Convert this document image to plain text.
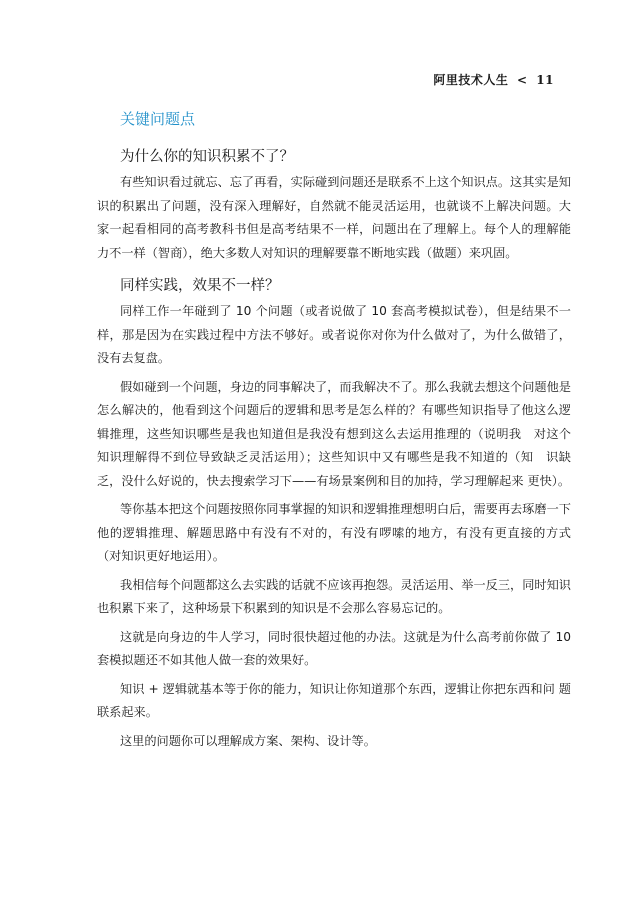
阿里技术人生 < 11
关键问题点
为什么你的知识积累不了？

有些知识看过就忘、忘了再看，实际碰到问题还是联系不上这个知识点。这其实是知识的积累出了问题，没有深入理解好，自然就不能灵活运用，也就谈不上解决问题。大家一起看相同的高考教科书但是高考结果不一样，问题出在了理解上。每个人的理解能力不一样（智商），绝大多数人对知识的理解要靠不断地实践（做题）来巩固。

同样实践，效果不一样？

同样工作一年碰到了 10 个问题（或者说做了 10 套高考模拟试卷），但是结果不一样，那是因为在实践过程中方法不够好。或者说你对你为什么做对了，为什么做错了，没有去复盘。

假如碰到一个问题，身边的同事解决了，而我解决不了。那么我就去想这个问题他是怎么解决的，他看到这个问题后的逻辑和思考是怎么样的？有哪些知识指导了他这么逻辑推理，这些知识哪些是我也知道但是我没有想到这么去运用推理的（说明我　对这个知识理解得不到位导致缺乏灵活运用）；这些知识中又有哪些是我不知道的（知　识缺乏，没什么好说的，快去搜索学习下——有场景案例和目的加持，学习理解起来 更快）。

等你基本把这个问题按照你同事掌握的知识和逻辑推理想明白后，需要再去琢磨一下他的逻辑推理、解题思路中有没有不对的，有没有啰嗦的地方，有没有更直接的方式（对知识更好地运用）。

我相信每个问题都这么去实践的话就不应该再抱怨。灵活运用、举一反三，同时知识也积累下来了，这种场景下积累到的知识是不会那么容易忘记的。

这就是向身边的牛人学习，同时很快超过他的办法。这就是为什么高考前你做了 10 套模拟题还不如其他人做一套的效果好。

知识 + 逻辑就基本等于你的能力，知识让你知道那个东西，逻辑让你把东西和问 题联系起来。

这里的问题你可以理解成方案、架构、设计等。
